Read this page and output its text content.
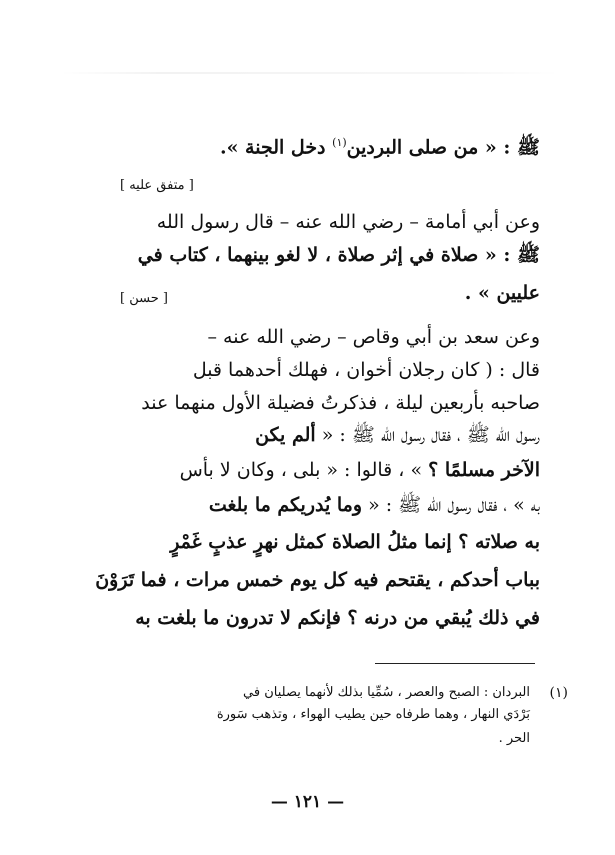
ﷺ : « من صلى البردين$^{(١)}$ دخل الجنة ».
[ متفق عليه ]
وعن أبي أمامة – رضي الله عنه – قال رسول الله
ﷺ : « صلاة في إثر صلاة ، لا لغو بينهما ، كتاب في
عليين » .
[ حسن ]
وعن سعد بن أبي وقاص – رضي الله عنه –
قال : ( كان رجلان أخوان ، فهلك أحدهما قبل
صاحبه بأربعين ليلة ، فذكرتُ فضيلة الأول منهما عند
رسول الله ﷺ ، فقال رسول الله ﷺ : « ألم يكن
الآخر مسلمًا ؟ » ، قالوا : « بلى ، وكان لا بأس
به » ، فقال رسول الله ﷺ : « وما يُدريكم ما بلغت
به صلاته ؟ إنما مثلُ الصلاة كمثل نهرٍ عذبٍ غَمْرٍ
بباب أحدكم ، يقتحم فيه كل يوم خمس مرات ، فما تَرَوْنَ
في ذلك يُبقي من درنه ؟ فإنكم لا تدرون ما بلغت به
(١)
البردان : الصبح والعصر ، سُمِّيا بذلك لأنهما يصليان في
بَرْدَي النهار ، وهما طرفاه حين يطيب الهواء ، وتذهب سَورة
الحر .
— ١٢١ —
